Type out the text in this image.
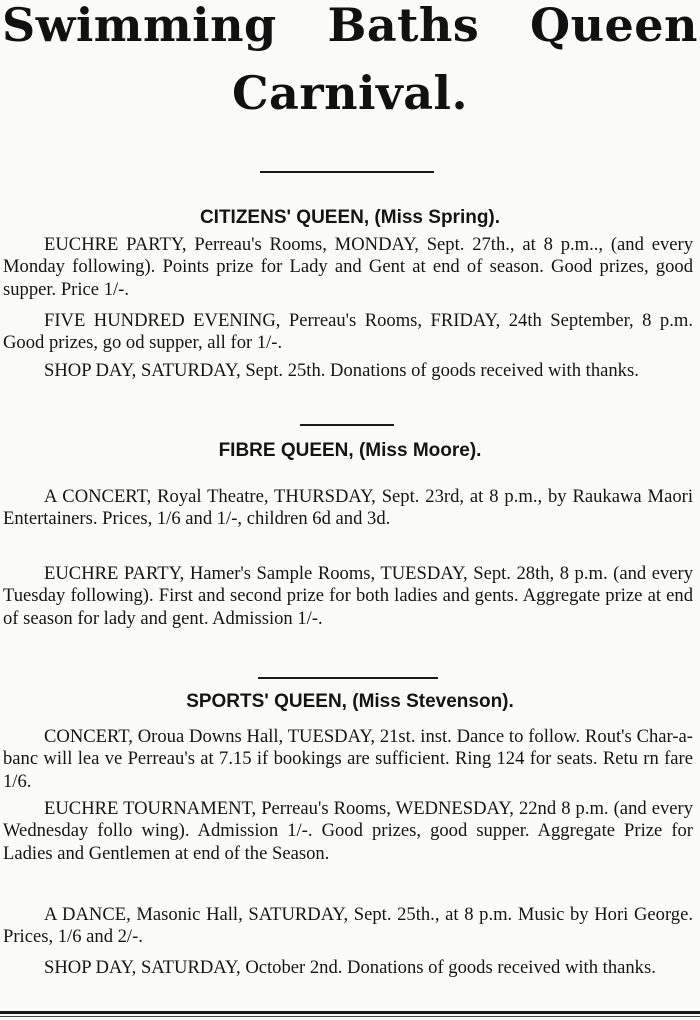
Swimming Baths Queen
Carnival.
CITIZENS' QUEEN, (Miss Spring).

EUCHRE PARTY, Perreau's Rooms, MONDAY, Sept. 27th., at 8 p.m.., (and every Monday following). Points prize for Lady and Gent at end of season. Good prizes, good supper. Price 1/-.

FIVE HUNDRED EVENING, Perreau's Rooms, FRIDAY, 24th September, 8 p.m. Good prizes, go od supper, all for 1/-.

SHOP DAY, SATURDAY, Sept. 25th. Donations of goods received with thanks.

FIBRE QUEEN, (Miss Moore).

A CONCERT, Royal Theatre, THURSDAY, Sept. 23rd, at 8 p.m., by Raukawa Maori Entertainers. Prices, 1/6 and 1/-, children 6d and 3d.

EUCHRE PARTY, Hamer's Sample Rooms, TUESDAY, Sept. 28th, 8 p.m. (and every Tuesday following). First and second prize for both ladies and gents. Aggregate prize at end of season for lady and gent. Admission 1/-.

SPORTS' QUEEN, (Miss Stevenson).

CONCERT, Oroua Downs Hall, TUESDAY, 21st. inst. Dance to follow. Rout's Char-a-banc will lea ve Perreau's at 7.15 if bookings are sufficient. Ring 124 for seats. Retu rn fare 1/6.

EUCHRE TOURNAMENT, Perreau's Rooms, WEDNESDAY, 22nd 8 p.m. (and every Wednesday follo wing). Admission 1/-. Good prizes, good supper. Aggregate Prize for Ladies and Gentlemen at end of the Season.

A DANCE, Masonic Hall, SATURDAY, Sept. 25th., at 8 p.m. Music by Hori George. Prices, 1/6 and 2/-.

SHOP DAY, SATURDAY, October 2nd. Donations of goods received with thanks.
